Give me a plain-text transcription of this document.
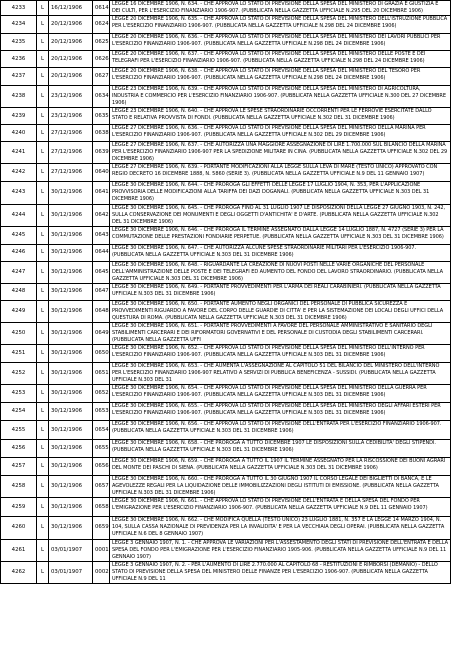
4233	L	16/12/1906	0614	LEGGE 16 DICEMBRE 1906, N. 634. - CHE APPROVA LO STATO DI PREVISIONE DELLA SPESA DEL MINISTERO DI GRAZIA E GIUSTIZIA E DEI CULTI, PER L'ESERCIZIO FINANZIARIO 1906-907. (PUBBLICATA NELLA GAZZETTA UFFICIALE N.295 DEL 20 DICEMBRE 1906)
4234	L	20/12/1906	0624	LEGGE 20 DICEMBRE 1906, N. 635. - CHE APPROVA LO STATO DI PREVISIONE DELLA SPESA DEL MINISTERO DELL'ISTRUZIONE PUBBLICA PER L'ESERCIZIO FINANZIARIO 1906-907. (PUBBLICATA NELLA GAZZETTA UFFICIALE N.298 DEL 24 DICEMBRE 1906)
4235	L	20/12/1906	0625	LEGGE 20 DICEMBRE 1906, N. 636. - CHE APPROVA LO STATO DI PREVISIONE DELLA SPESA DEL MINISTERO DEI LAVORI PUBBLICI PER L'ESERCIZIO FINANZIARIO 1906-907. (PUBBLICATA NELLA GAZZETTA UFFICIALE N.298 DEL 24 DICEMBRE 1906)
4236	L	20/12/1906	0626	LEGGE 20 DICEMBRE 1906, N. 637. - CHE APPROVA LO STATO DI PREVISIONE DELLA SPESA DEL MINISTERO DELLE POSTE E DEI TELEGRAFI PER L'ESERCIZIO FINANZIARIO 1906-907. (PUBBLICATA NELLA GAZZETTA UFFICIALE N.298 DEL 24 DICEMBRE 1906)
4237	L	20/12/1906	0627	LEGGE 20 DICEMBRE 1906, N. 638. - CHE APPROVA LO STATO DI PREVISIONE DELLA SPESA DEL MINISTERO DEL TESORO PER L'ESERCIZIO FINANZIARIO 1906-907. (PUBBLICATA NELLA GAZZETTA UFFICIALE N.298 DEL 24 DICEMBRE 1906)
4238	L	23/12/1906	0634	LEGGE 23 DICEMBRE 1906, N. 639. - CHE APPROVA LO STATO DI PREVISIONE DELLA SPESA DEL MINISTERO DI AGRICOLTURA, INDUSTRIA E COMMERCIO PER L'ESERCIZIO FINANZIARIO 1906-907. (PUBBLICATA NELLA GAZZETTA UFFICIALE N.300 DEL 27 DICEMBRE 1906)
4239	L	23/12/1906	0635	LEGGE 23 DICEMBRE 1906, N. 640. - CHE APPROVA LE SPESE STRAORDINARIE OCCORRENTI PER LE FERROVIE ESERCITATE DALLO STATO E RELATIVA PROVVISTA DI FONDI. (PUBBLICATA NELLA GAZZETTA UFFICIALE N.302 DEL 31 DICEMBRE 1906)
4240	L	27/12/1906	0638	LEGGE 27 DICEMBRE 1906, N. 636. - CHE APPROVA LO STATO DI PREVISIONE DELLA SPESA DEL MINISTERO DELLA MARINA PER L'ESERCIZIO FINANZIARIO 1906-907. (PUBBLICATA NELLA GAZZETTA UFFICIALE N.302 DEL 29 DICEMBRE 1906)
4241	L	27/12/1906	0639	LEGGE 27 DICEMBRE 1906, N. 637. - CHE AUTORIZZA UNA MAGGIORE ASSEGNAZIONE DI LIRE 1.700.000 SUL BILANCIO DELLA MARINA PER L'ESERCIZIO FINANZIARIO 1906-907 PER LA SPEDIZIONE MILITARE IN CINA. (PUBBLICATA NELLA GAZZETTA UFFICIALE N.302 DEL 29 DICEMBRE 1906)
4242	L	27/12/1906	0640	LEGGE 27 DICEMBRE 1906, N. 639. - PORTANTE MODIFICAZIONI ALLA LEGGE SULLA LEVA DI MARE (TESTO UNICO) APPROVATO CON REGIO DECRETO 16 DICEMBRE 1888, N. 5860 (SERIE 3). (PUBBLICATA NELLA GAZZETTA UFFICIALE N.9 DEL 11 GENNAIO 1907)
4243	L	30/12/1906	0641	LEGGE 30 DICEMBRE 1906, N. 644. - CHE PROROGA GLI EFFETTI DELLE LEGGE 17 LUGLIO 1904, N. 353, PER L'APPLICAZIONE PROVVISORIA DELLE MODIFICAZIONI ALLA TARIFFA DEI DAZI DOGANALI. (PUBBLICATA NELLA GAZZETTA UFFICIALE N.303 DEL 31 DICEMBRE 1906)
4244	L	30/12/1906	0642	LEGGE 30 DICEMBRE 1906, N. 645. - CHE PROROGA FINO AL 31 LUGLIO 1907 LE DISPOSIZIONI DELLA LEGGE 27 GIUGNO 1903, N. 242, SULLA CONSERVAZIONE DEI MONUMENTI E DEGLI OGGETTI D'ANTICHITA' E D'ARTE. (PUBBLICATA NELLA GAZZETTA UFFICIALE N.302 DEL 31 DICEMBRE 1906)
4245	L	30/12/1906	0643	LEGGE 30 DICEMBRE 1906, N. 646. - CHE PROROGA IL TERMINE ASSEGNATO DALLA LEGGE 14 LUGLIO 1887, N. 4727 (SERIE 3) PER LA COMMUTAZIONE DELLE PRESTAZIONI FONDIARIE PERPETUE. (PUBBLICATA NELLA GAZZETTA UFFICIALE N.303 DEL 31 DICEMBRE 1906)
4246	L	30/12/1906	0644	LEGGE 30 DICEMBRE 1906, N. 647. - CHE AUTORIZZA ALCUNE SPESE STRAORDINARIE MILITARI PER L'ESERCIZIO 1906-907. (PUBBLICATA NELLA GAZZETTA UFFICIALE N.303 DEL 31 DICEMBRE 1906)
4247	L	30/12/1906	0645	LEGGE 30 DICEMBRE 1906, N. 648. - RIGUARDANTE LA CREAZIONE DI NUOVI POSTI NELLE VARIE ORGANICHE DEL PERSONALE DELL'AMMINISTRAZIONE DELLE POSTE E DEI TELEGRAFI ED AUMENTO DEL FONDO DEL LAVORO STRAORDINARIO. (PUBBLICATA NELLA GAZZETTA UFFICIALE N.303 DEL 31 DICEMBRE 1906)
4248	L	30/12/1906	0647	LEGGE 30 DICEMBRE 1906, N. 649. - PORTANTE PROVVEDIMENTI PER L'ARMA DEI REALI CARABINIERI. (PUBBLICATA NELLA GAZZETTA UFFICIALE N.303 DEL 31 DICEMBRE 1906)
4249	L	30/12/1906	0648	LEGGE 30 DICEMBRE 1906, N. 650. - PORTANTE AUMENTO NEGLI ORGANICI DEL PERSONALE DI PUBBLICA SICUREZZA E PROVVEDIMENTI RIGUARDO A FAVORE DEL CORPO DELLE GUARDIE DI CITTA' E PER LA SISTEMAZIONE DEI LOCALI DEGLI UFFICI DELLA QUESTURA DI ROMA. (PUBBLICATA NELLA GAZZETTA UFFICIALE N.303 DEL 31 DICEMBRE 1906)
4250	L	30/12/1906	0649	LEGGE 30 DICEMBRE 1906, N. 651. - PORTANTE PROVVEDIMENTI A FAVORE DEL PERSONALE AMMINISTRATIVO E SANITARIO DEGLI STABILIMENTI CARCERARI E DEI RIFORMATORI GOVERNATIVI E DEL PERSONALE DI CUSTODIA DEGLI STABILIMENTI CARCERARI. (PUBBLICATA NELLA GAZZETTA UFFI
4251	L	30/12/1906	0650	LEGGE 30 DICEMBRE 1906, N. 652. - CHE APPROVA LO STATO DI PREVISIONE DELLA SPESA DEL MINISTERO DELL'INTERNO PER L'ESERCIZIO FINANZIARIO 1906-907. (PUBBLICATA NELLA GAZZETTA UFFICIALE N.303 DEL 31 DICEMBRE 1906)
4252	L	30/12/1906	0651	LEGGE 30 DICEMBRE 1906, N. 653. - CHE AUMENTA L'ASSEGNAZIONE AL CAPITOLO 51 DEL BILANCIO DEL MINISTERO DELL'INTERNO PER L'ESERCIZIO FINANZIARIO 1906-907 RELATIVO A SERVIZI DI PUBBLICA BENEFICENZA - SUSSIDI. (PUBBLICATA NELLA GAZZETTA UFFICIALE N.303 DEL 31
4253	L	30/12/1906	0652	LEGGE 30 DICEMBRE 1906, N. 654. - CHE APPROVA LO STATO DI PREVISIONE DELLA SPESA DEL MINISTERO DELLA GUERRA PER L'ESERCIZIO FINANZIARIO 1906-907. (PUBBLICATA NELLA GAZZETTA UFFICIALE N.303 DEL 31 DICEMBRE 1906)
4254	L	30/12/1906	0653	LEGGE 30 DICEMBRE 1906, N. 655. - CHE APPROVA LO STATO DI PREVISIONE DELLA SPESA DEL MINISTERO DEGLI AFFARI ESTERI PER L'ESERCIZIO FINANZIARIO 1906-907. (PUBBLICATA NELLA GAZZETTA UFFICIALE N.303 DEL 31 DICEMBRE 1906)
4255	L	30/12/1906	0654	LEGGE 30 DICEMBRE 1906, N. 656. - CHE APPROVA LO STATO DI PREVISIONE DELL'ENTRATA PER L'ESERCIZIO FINANZIARIO 1906-907. (PUBBLICATA NELLA GAZZETTA UFFICIALE N.303 DEL 31 DICEMBRE 1906)
4256	L	30/12/1906	0655	LEGGE 30 DICEMBRE 1906, N. 658. - CHE PROROGA A TUTTO DICEMBRE 1907 LE DISPOSIZIONI SULLA CEDIBILITA' DEGLI STIPENDI. (PUBBLICATA NELLA GAZZETTA UFFICIALE N.303 DEL 31 DICEMBRE 1906)
4257	L	30/12/1906	0656	LEGGE 30 DICEMBRE 1906, N. 659. - CHE PROROGA A TUTTO IL 1907 IL TERMINE ASSEGNATO PER LA RISCOSSIONE DEI BUONI AGRARI DEL MONTE DEI PASCHI DI SIENA. (PUBBLICATA NELLA GAZZETTA UFFICIALE N.303 DEL 31 DICEMBRE 1906)
4258	L	30/12/1906	0657	LEGGE 30 DICEMBRE 1906, N. 660. - CHE PROROGA A TUTTO IL 30 GIUGNO 1907 IL CORSO LEGALE DEI BIGLIETTI DI BANCA, E LE AGEVOLEZZE REGALI PER LA LIQUIDAZIONE DELLE IMMOBILIZZAZIONI DEGLI ISTITUTI DI EMISSIONE. (PUBBLICATA NELLA GAZZETTA UFFICIALE N.303 DEL 31 DICEMBRE 1906)
4259	L	30/12/1906	0658	LEGGE 30 DICEMBRE 1906, N. 661. - CHE APPROVA LO STATO DI PREVISIONE DELL'ENTRATA E DELLA SPESA DEL FONDO PER L'EMIGRAZIONE PER L'ESERCIZIO FINANZIARIO 1906-907. (PUBBLICATA NELLA GAZZETTA UFFICIALE N.9 DEL 11 GENNAIO 1907)
4260	L	30/12/1906	0659	LEGGE 30 DICEMBRE 1906, N. 662. - CHE MODIFICA QUELLA (TESTO UNICO) 23 LUGLIO 1881, N. 357 E LA LEGGE 14 MARZO 1904, N. 104, SULLA CASSA NAZIONALE DI PREVIDENZA PER LA INVALIDITA' E PER LA VECCHIAIA DEGLI OPERAI. (PUBBLICATA NELLA GAZZETTA UFFICIALE N.6 DEL 8 GENNAIO 1907)
4261	L	03/01/1907	0001	LEGGE 3 GENNAIO 1907, N. 1. - CHE APPROVA LE VARIAZIONI PER L'ASSESTAMENTO DEGLI STATI DI PREVISIONE DELL'ENTRATA E DELLA SPESA DEL FONDO PER L'EMIGRAZIONE PER L'ESERCIZIO FINANZIARIO 1905-906. (PUBBLICATA NELLA GAZZETTA UFFICIALE N.9 DEL 11 GENNAIO 1907)
4262	L	03/01/1907	0002	LEGGE 3 GENNAIO 1907, N. 2. - PER L'AUMENTO DI LIRE 2.770.000 AL CAPITOLO 68 - RESTITUZIONI E RIMBORSI (DEMANIO) - DELLO STATO DI PREVISIONE DELLA SPESA DEL MINISTERO DELLE FINANZE PER L'ESERCIZIO 1906-907. (PUBBLICATA NELLA GAZZETTA UFFICIALE N.9 DEL 11
